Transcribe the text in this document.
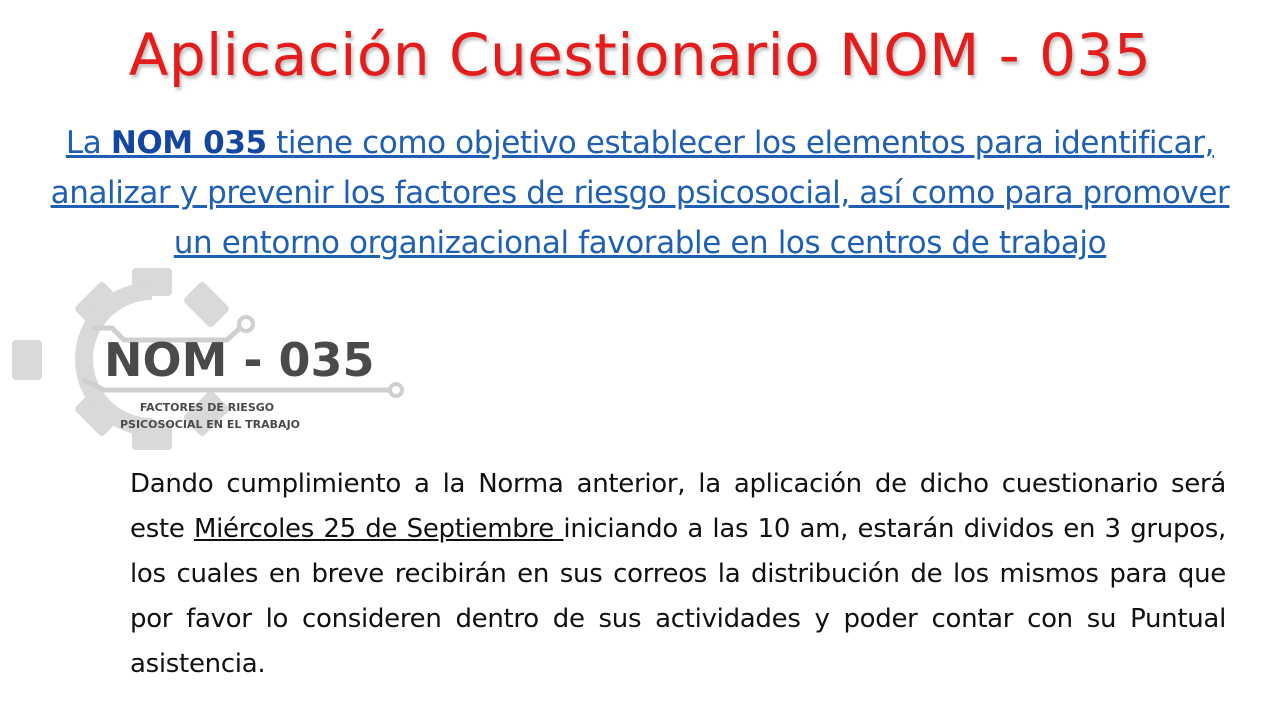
Aplicación Cuestionario NOM - 035
La NOM 035 tiene como objetivo establecer los elementos para identificar, analizar y prevenir los factores de riesgo psicosocial, así como para promover un entorno organizacional favorable en los centros de trabajo
NOM - 035
FACTORES DE RIESGO
PSICOSOCIAL EN EL TRABAJO
Dando cumplimiento a la Norma anterior, la aplicación de dicho cuestionario será este Miércoles 25 de Septiembre iniciando a las 10 am, estarán dividos en 3 grupos, los cuales en breve recibirán en sus correos la distribución de los mismos para que por favor lo consideren dentro de sus actividades y poder contar con su Puntual asistencia.
